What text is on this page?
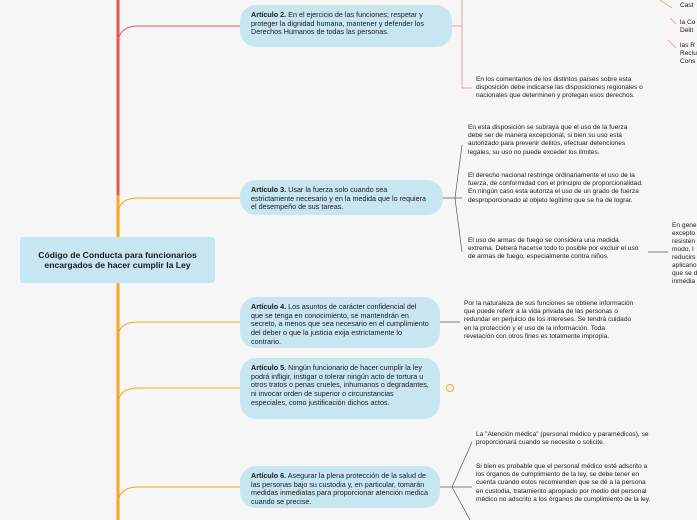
Código de Conducta para funcionarios encargados de hacer cumplir la Ley
Artículo 2. En el ejercicio de las funciones; respetar y proteger la dignidad humana, mantener y defender los Derechos Humanos de todas las personas.
Artículo 3. Usar la fuerza solo cuando sea estrictamente necesario y en la medida que lo requiera el desempeño de sus tareas.
Artículo 4. Los asuntos de carácter confidencial del que se tenga en conocimiento, se mantendrán en secreto, a menos que sea necesario en el cumplimiento del deber o que la justicia exija estrictamente lo contrario.
Artículo 5. Ningún funcionario de hacer cumplir la ley podrá infligir, instigar o tolerar ningún acto de tortura u otros tratos o penas crueles, inhumanos o degradantes, ni invocar orden de superior o circunstancias especiales, como justificación dichos actos.
Artículo 6. Asegurar la plena protección de la salud de las personas bajo su custodia y, en particular, tomarán medidas inmediatas para proporcionar atención medica cuando se precise.
i
En los comentarios de los distintos países sobre esta disposición debe indicarse las disposiciones regionales o nacionales que determinen y protegan esos derechos.
En esta disposición se subraya que el uso de la fuerza debe ser de manera excepcional, si bien su uso está autorizado para prevenir delitos, efectuar detenciones legales, su uso no puede exceder los límites.
El derecho nacional restringe ordinariamente el uso de la fuerza, de conformidad con el principio de proporcionalidad. En ningún caso esta autoriza el uso de un grado de fuerza desproporcionado al objeto legítimo que se ha de lograr.
El uso de armas de fuego se considera una medida extrema. Deberá hacerse todo lo posible por excluir el uso de armas de fuego, especialmente contra niños.
Por la naturaleza de sus funciones se obtiene información que puede referir a la vida privada de las personas o redundar en perjuicio de los intereses. Se tendrá cuidado en la protección y el uso de la información. Toda revelación con otros fines es totalmente impropia.
La "Atención médica" (personal médico y paramédicos), se proporcionará cuando se necesite o solicite.
Si bien es probable que el personal médico esté adscrito a los órganos de cumplimiento de la ley, se debe tener en cuenta cuando estos recomienden que se dé a la persona en custodia, tratamiento apropiado por medio del personal médico no adscrito a los órganos de cumplimiento de la ley.
Cast
la Co
Delit
las R
Reclu
Cons
En gene
excepto
resisten
modo, l
reducirs
aplicano
que se d
inmedia
